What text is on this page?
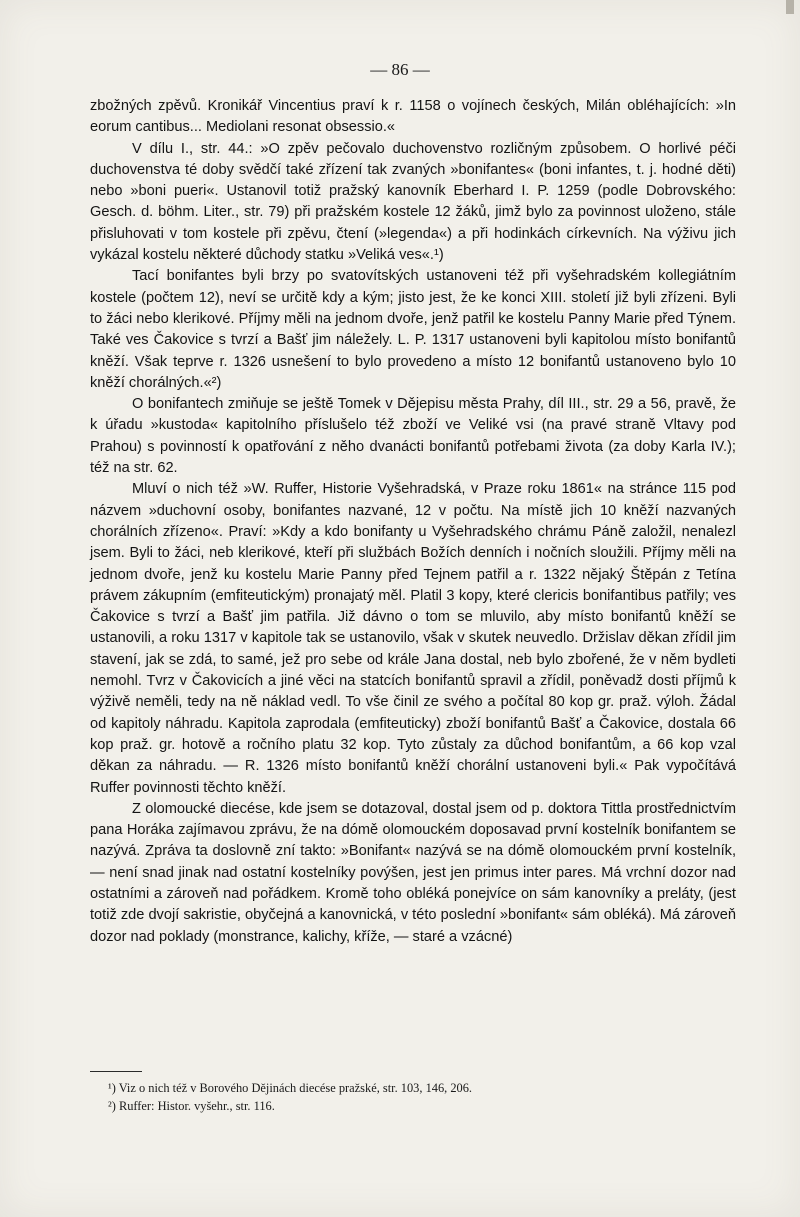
— 86 —

zbožných zpěvů. Kronikář Vincentius praví k r. 1158 o vojínech českých, Milán obléhajících: »In eorum cantibus... Mediolani resonat obsessio.«

V dílu I., str. 44.: »O zpěv pečovalo duchovenstvo rozličným způsobem. O horlivé péči duchovenstva té doby svědčí také zřízení tak zvaných »bonifantes« (boni infantes, t. j. hodné děti) nebo »boni pueri«. Ustanovil totiž pražský kanovník Eberhard I. P. 1259 (podle Dobrovského: Gesch. d. böhm. Liter., str. 79) při pražském kostele 12 žáků, jimž bylo za povinnost uloženo, stále přisluhovati v tom kostele při zpěvu, čtení (»legenda«) a při hodinkách církevních. Na výživu jich vykázal kostelu některé důchody statku »Veliká ves«.¹)

Tací bonifantes byli brzy po svatovítských ustanoveni též při vyšehradském kollegiátním kostele (počtem 12), neví se určitě kdy a kým; jisto jest, že ke konci XIII. století již byli zřízeni. Byli to žáci nebo klerikové. Příjmy měli na jednom dvoře, jenž patřil ke kostelu Panny Marie před Týnem. Také ves Čakovice s tvrzí a Bašť jim náležely. L. P. 1317 ustanoveni byli kapitolou místo bonifantů kněží. Však teprve r. 1326 usnešení to bylo provedeno a místo 12 bonifantů ustanoveno bylo 10 kněží chorálných.«²)

O bonifantech zmiňuje se ještě Tomek v Dějepisu města Prahy, díl III., str. 29 a 56, pravě, že k úřadu »kustoda« kapitolního příslušelo též zboží ve Veliké vsi (na pravé straně Vltavy pod Prahou) s povinností k opatřování z něho dvanácti bonifantů potřebami života (za doby Karla IV.); též na str. 62.

Mluví o nich též »W. Ruffer, Historie Vyšehradská, v Praze roku 1861« na stránce 115 pod názvem »duchovní osoby, bonifantes nazvané, 12 v počtu. Na místě jich 10 kněží nazvaných chorálních zřízeno«. Praví: »Kdy a kdo bonifanty u Vyšehradského chrámu Páně založil, nenalezl jsem. Byli to žáci, neb klerikové, kteří při službách Božích denních i nočních sloužili. Příjmy měli na jednom dvoře, jenž ku kostelu Marie Panny před Tejnem patřil a r. 1322 nějaký Štěpán z Tetína právem zákupním (emfiteutickým) pronajatý měl. Platil 3 kopy, které clericis bonifantibus patřily; ves Čakovice s tvrzí a Bašť jim patřila. Již dávno o tom se mluvilo, aby místo bonifantů kněží se ustanovili, a roku 1317 v kapitole tak se ustanovilo, však v skutek neuvedlo. Držislav děkan zřídil jim stavení, jak se zdá, to samé, jež pro sebe od krále Jana dostal, neb bylo zbořené, že v něm bydleti nemohl. Tvrz v Čakovicích a jiné věci na statcích bonifantů spravil a zřídil, poněvadž dosti příjmů k výživě neměli, tedy na ně náklad vedl. To vše činil ze svého a počítal 80 kop gr. praž. výloh. Žádal od kapitoly náhradu. Kapitola zaprodala (emfiteuticky) zboží bonifantů Bašť a Čakovice, dostala 66 kop praž. gr. hotově a ročního platu 32 kop. Tyto zůstaly za důchod bonifantům, a 66 kop vzal děkan za náhradu. — R. 1326 místo bonifantů kněží chorální ustanoveni byli.« Pak vypočítává Ruffer povinnosti těchto kněží.

Z olomoucké diecése, kde jsem se dotazoval, dostal jsem od p. doktora Tittla prostřednictvím pana Horáka zajímavou zprávu, že na dómě olomouckém doposavad první kostelník bonifantem se nazývá. Zpráva ta doslovně zní takto: »Bonifant« nazývá se na dómě olomouckém první kostelník, — není snad jinak nad ostatní kostelníky povýšen, jest jen primus inter pares. Má vrchní dozor nad ostatními a zároveň nad pořádkem. Kromě toho obléká ponejvíce on sám kanovníky a preláty, (jest totiž zde dvojí sakristie, obyčejná a kanovnická, v této poslední »bonifant« sám obléká). Má zároveň dozor nad poklady (monstrance, kalichy, kříže, — staré a vzácné)

¹) Viz o nich též v Borového Dějinách diecése pražské, str. 103, 146, 206.

²) Ruffer: Histor. vyšehr., str. 116.
